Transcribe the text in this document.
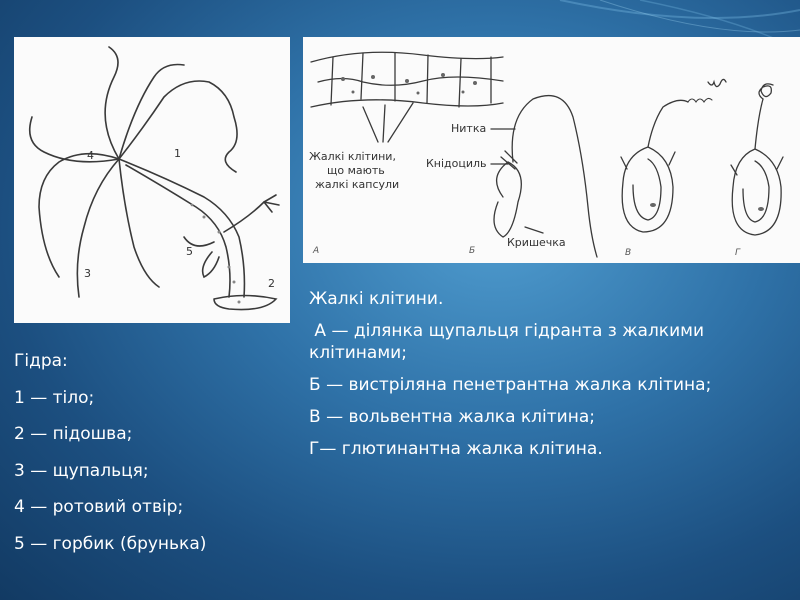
1
2
3
4
5
Жалкі клітини,
що мають
жалкі капсули
Нитка
Кнідоциль
Кришечка
А	Б	В	Г

Гідра:

1 — тіло;

2 — підошва;

3 — щупальця;

4 — ротовий отвір;

5 — горбик (брунька)

Жалкі клітини.

А — ділянка щупальця гідранта з жалкими клітинами;

Б — вистріляна пенетрантна жалка клітина;

В — вольвентна жалка клітина;

Г— глютинантна жалка клітина.
